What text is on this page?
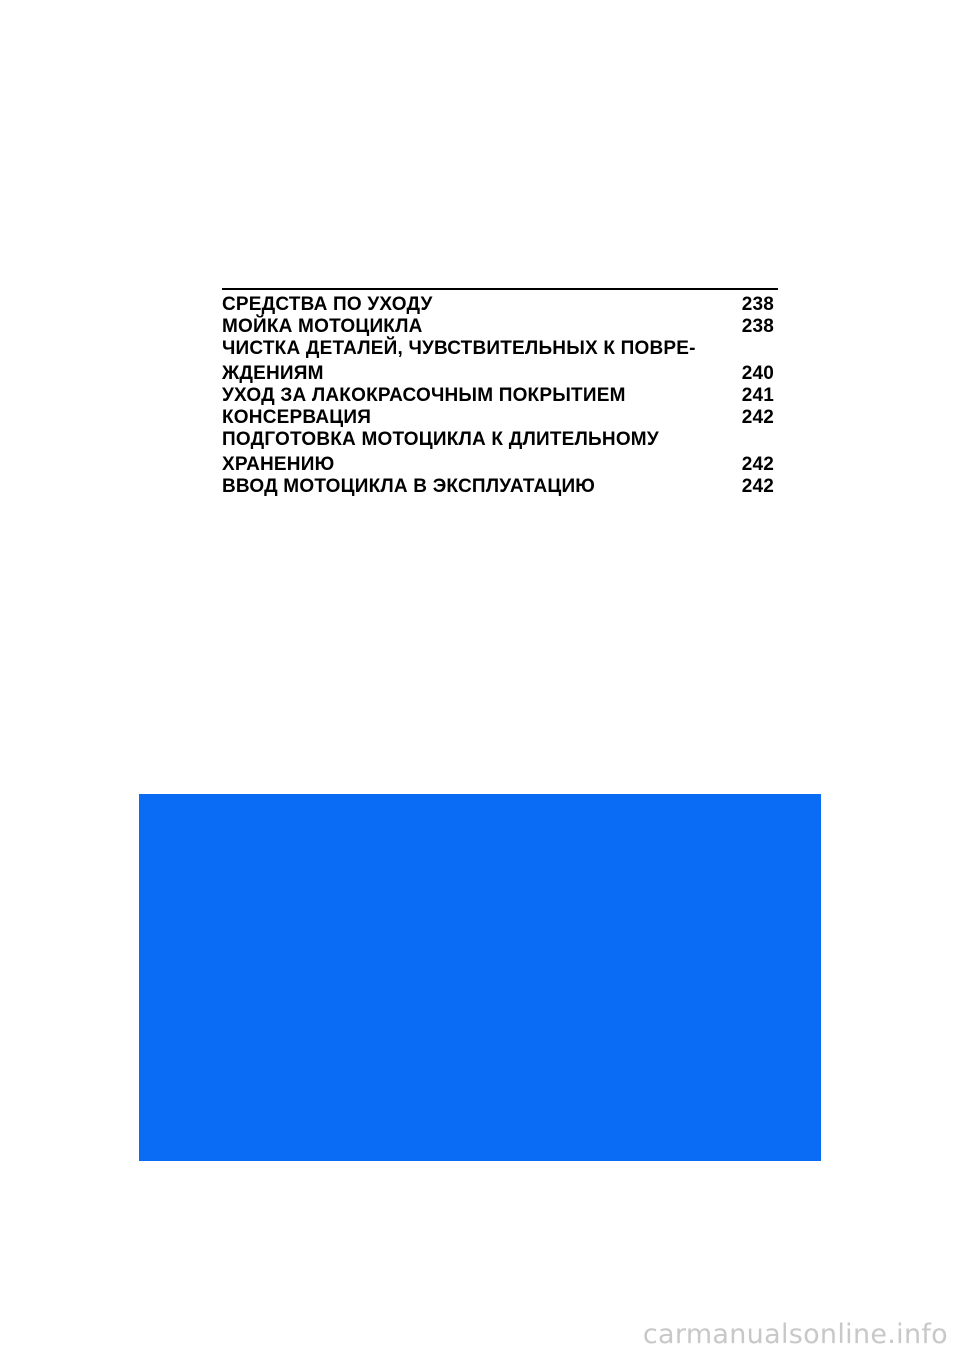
СРЕДСТВА ПО УХОДУ	238
МОЙКА МОТОЦИКЛА	238
ЧИСТКА ДЕТАЛЕЙ, ЧУВСТВИТЕЛЬНЫХ К ПОВРЕ-
ЖДЕНИЯМ	240
УХОД ЗА ЛАКОКРАСОЧНЫМ ПОКРЫТИЕМ	241
КОНСЕРВАЦИЯ	242
ПОДГОТОВКА МОТОЦИКЛА К ДЛИТЕЛЬНОМУ
ХРАНЕНИЮ	242
ВВОД МОТОЦИКЛА В ЭКСПЛУАТАЦИЮ	242
carmanualsonline.info
